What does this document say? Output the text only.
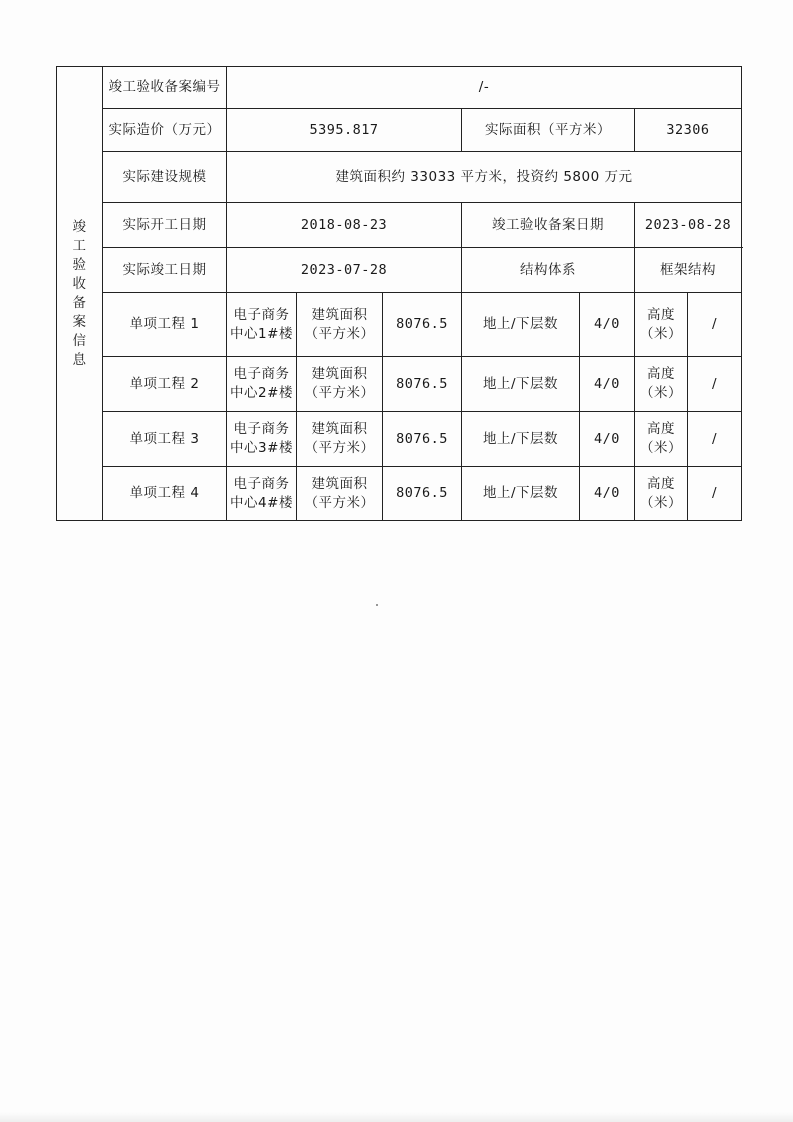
竣工验收备案信息	竣工验收备案编号	/-						
	实际造价（万元）	5395.817			实际面积（平方米）		32306	
	实际建设规模	建筑面积约 33033 平方米，投资约 5800 万元						
	实际开工日期	2018-08-23			竣工验收备案日期		2023-08-28	
	实际竣工日期	2023-07-28			结构体系		框架结构	
	单项工程 1	电子商务中心1#楼	建筑面积（平方米）	8076.5	地上/下层数	4/0	高度（米）	/
	单项工程 2	电子商务中心2#楼	建筑面积（平方米）	8076.5	地上/下层数	4/0	高度（米）	/
	单项工程 3	电子商务中心3#楼	建筑面积（平方米）	8076.5	地上/下层数	4/0	高度（米）	/
	单项工程 4	电子商务中心4#楼	建筑面积（平方米）	8076.5	地上/下层数	4/0	高度（米）	/
